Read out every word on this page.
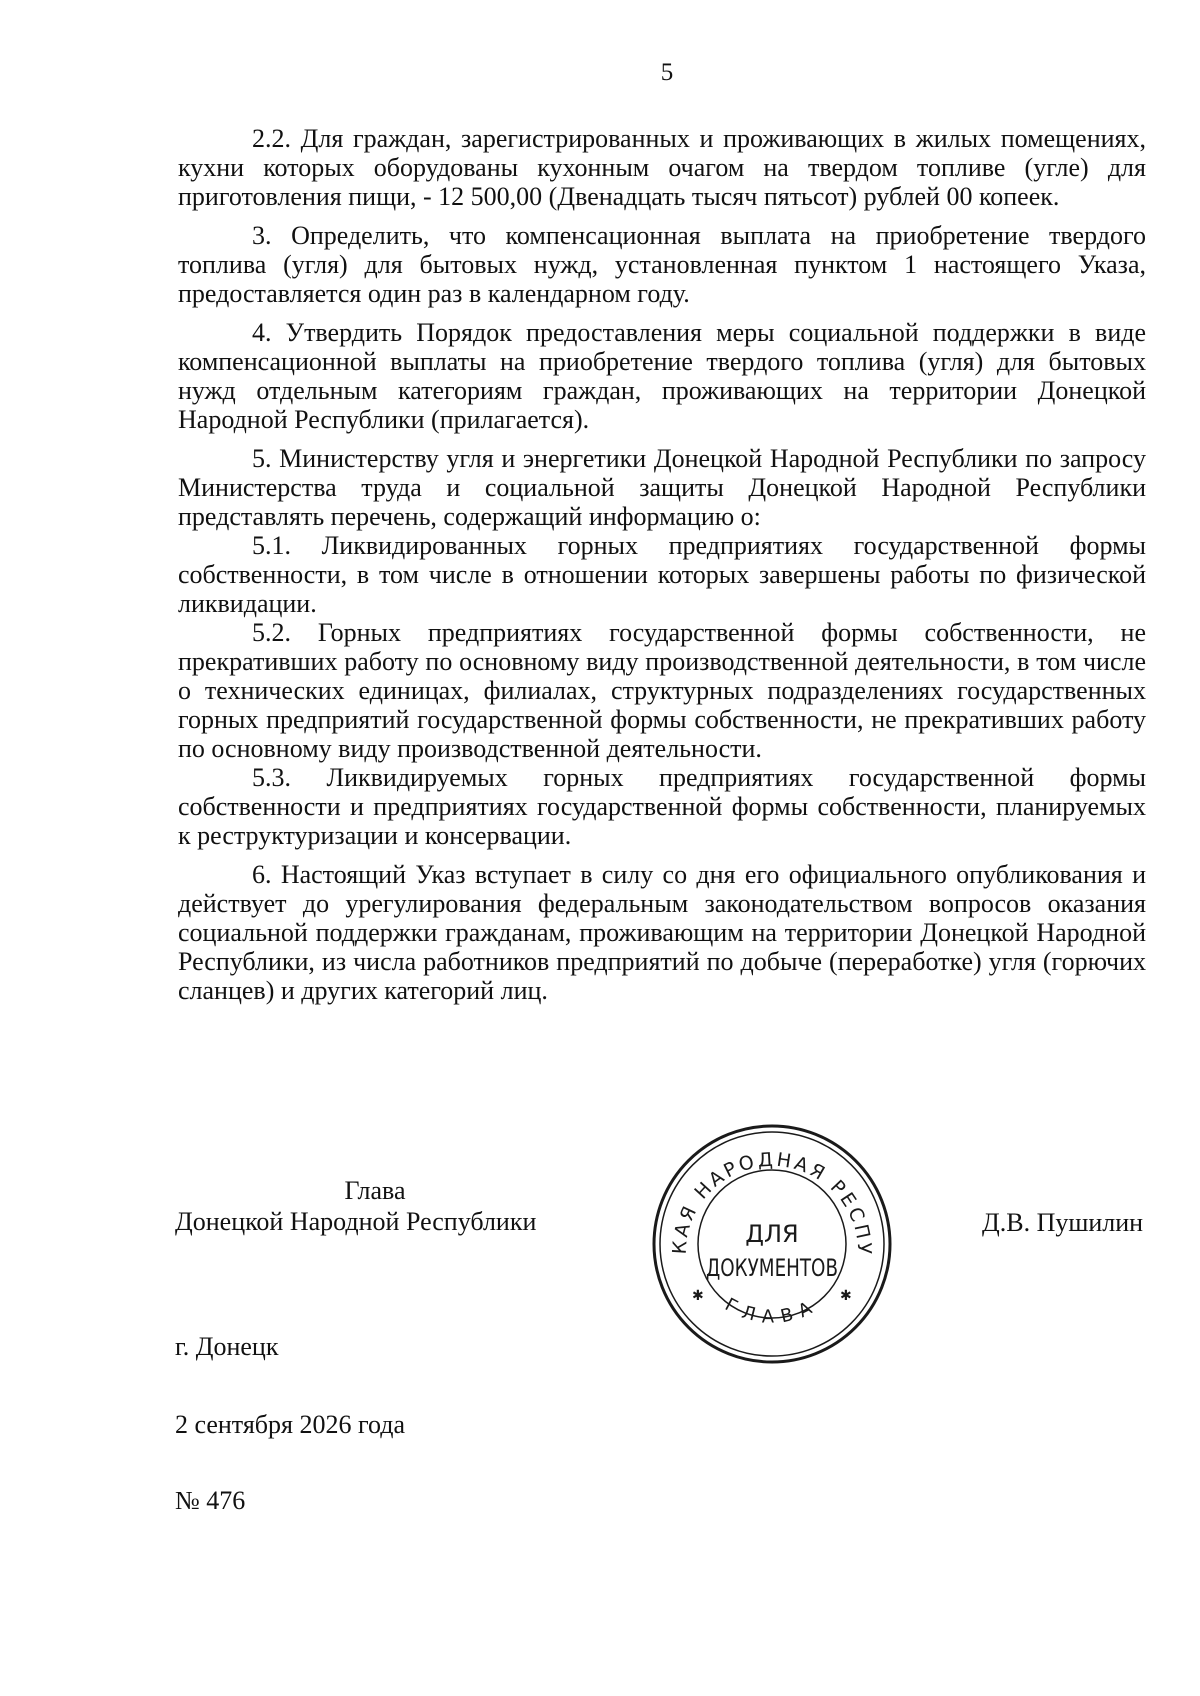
5

2.2. Для граждан, зарегистрированных и проживающих в жилых помещениях, кухни которых оборудованы кухонным очагом на твердом топливе (угле) для приготовления пищи, - 12 500,00 (Двенадцать тысяч пятьсот) рублей 00 копеек.

3. Определить, что компенсационная выплата на приобретение твердого топлива (угля) для бытовых нужд, установленная пунктом 1 настоящего Указа, предоставляется один раз в календарном году.

4. Утвердить Порядок предоставления меры социальной поддержки в виде компенсационной выплаты на приобретение твердого топлива (угля) для бытовых нужд отдельным категориям граждан, проживающих на территории Донецкой Народной Республики (прилагается).

5. Министерству угля и энергетики Донецкой Народной Республики по запросу Министерства труда и социальной защиты Донецкой Народной Республики представлять перечень, содержащий информацию о:

5.1. Ликвидированных горных предприятиях государственной формы собственности, в том числе в отношении которых завершены работы по физической ликвидации.

5.2. Горных предприятиях государственной формы собственности, не прекративших работу по основному виду производственной деятельности, в том числе о технических единицах, филиалах, структурных подразделениях государственных горных предприятий государственной формы собственности, не прекративших работу по основному виду производственной деятельности.

5.3. Ликвидируемых горных предприятиях государственной формы собственности и предприятиях государственной формы собственности, планируемых к реструктуризации и консервации.

6. Настоящий Указ вступает в силу со дня его официального опубликования и действует до урегулирования федеральным законодательством вопросов оказания социальной поддержки гражданам, проживающим на территории Донецкой Народной Республики, из числа работников предприятий по добыче (переработке) угля (горючих сланцев) и других категорий лиц.

Глава
Донецкой Народной Республики
КАЯ НАРОДНАЯ РЕСПУ
ГЛАВА
✱	✱
ДЛЯ
ДОКУМЕНТОВ
Д.В. Пушилин
г. Донецк
2 сентября 2026 года
№ 476
